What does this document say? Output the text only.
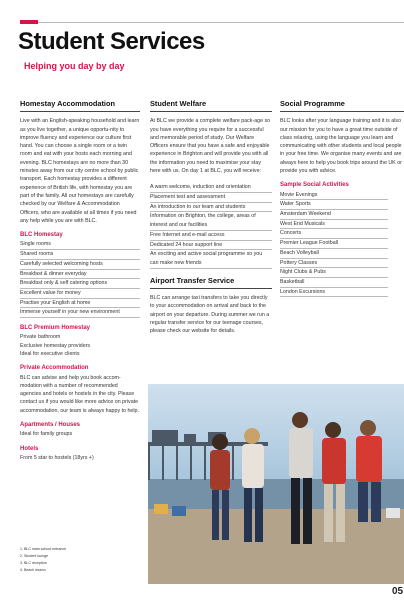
Student Services
Helping you day by day
Homestay Accommodation

Live with an English-speaking household and learn as you live together, a unique opportu-nity to improve fluency and experience our culture first hand. You can choose a single room or a twin room and eat with your hosts each morning and evening. BLC homestays are no more than 30 minutes away from our city centre school by public transport. Each homestay provides a different experience of British life, with homestay you are part of the family. All our homestays are carefully checked by our Welfare & Accommodation Officers, who are available at all times if you need any help while you are with BLC.

BLC Homestay
Single rooms
Shared rooms
Carefully selected welcoming hosts
Breakfast & dinner everyday
Breakfast only & self catering options
Excellent value for money
Practise your English at home
Immerse yourself in your new environment
BLC Premium Homestay
Private bathroom
Exclusive homestay providers
Ideal for executive clients
Private Accommodation

BLC can advise and help you book accom-modation with a number of recommended agencies and hotels or hostels in the city. Please contact us if you would like more advice on private accommodation, our team is always happy to help.

Apartments / Houses
Ideal for family groups
Hotels
From 5 star to hostels (18yrs +)
Student Welfare

At BLC we provide a complete welfare pack-age so you have everything you require for a successful and memorable period of study. Our Welfare Officers ensure that you have a safe and enjoyable experience in Brighton and will provide you with all the information you need to maximise your stay here with us. On day 1 at BLC, you will receive:

A warm welcome, induction and orientation
Placement test and assessment
An introduction to our team and students
Information on Brighton, the college, areas of interest and our facilities
Free Internet and e-mail access
Dedicated 24 hour support line
An exciting and active social programme so you can make new friends
Airport Transfer Service

BLC can arrange taxi transfers to take you directly to your accommodation on arrival and back to the airport on your departure. During summer we run a regular transfer service for our teenage courses, please check our website for details.

Social Programme

BLC looks after your language training and it is also our mission for you to have a great time outside of class relaxing, using the language you learn and communicating with other students and local people in your free time. We organise many events and are always here to help you book trips around the UK or provide you with advice.

Sample Social Activities
Movie Evenings
Water Sports
Amsterdam Weekend
West End Musicals
Concerts
Premier League Football
Beach Volleyball
Pottery Classes
Night Clubs & Pubs
Basketball
London Excursions
1. BLC main school entrance
2. Student lounge
3. BLC reception
4. Beach lesson
05
